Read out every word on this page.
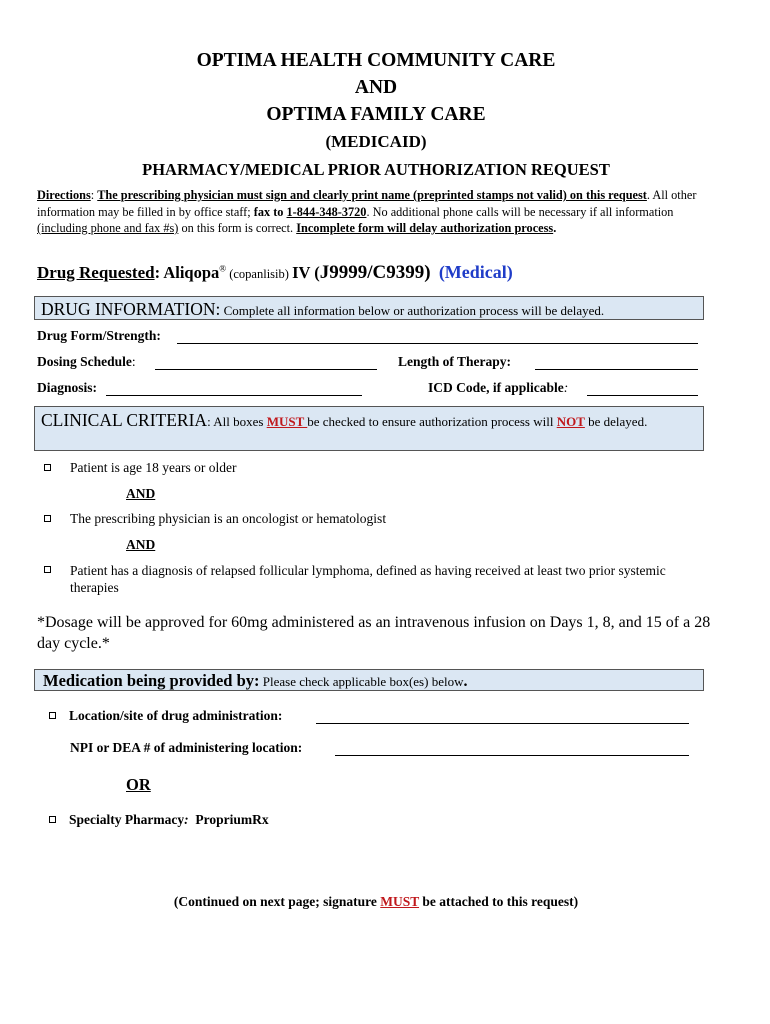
OPTIMA HEALTH COMMUNITY CARE
AND
OPTIMA FAMILY CARE
(MEDICAID)
PHARMACY/MEDICAL PRIOR AUTHORIZATION REQUEST
Directions: The prescribing physician must sign and clearly print name (preprinted stamps not valid) on this request. All other information may be filled in by office staff; fax to 1-844-348-3720. No additional phone calls will be necessary if all information (including phone and fax #s) on this form is correct. Incomplete form will delay authorization process.
Drug Requested: Aliqopa® (copanlisib) IV (J9999/C9399) (Medical)
DRUG INFORMATION: Complete all information below or authorization process will be delayed.
Drug Form/Strength:
Dosing Schedule:	Length of Therapy:
Diagnosis:	ICD Code, if applicable:
CLINICAL CRITERIA: All boxes MUST be checked to ensure authorization process will NOT be delayed.
Patient is age 18 years or older
AND
The prescribing physician is an oncologist or hematologist
AND
Patient has a diagnosis of relapsed follicular lymphoma, defined as having received at least two prior systemic therapies
*Dosage will be approved for 60mg administered as an intravenous infusion on Days 1, 8, and 15 of a 28 day cycle.*
Medication being provided by: Please check applicable box(es) below.
Location/site of drug administration:
NPI or DEA # of administering location:
OR
Specialty Pharmacy : PropriumRx
(Continued on next page; signature MUST be attached to this request)
